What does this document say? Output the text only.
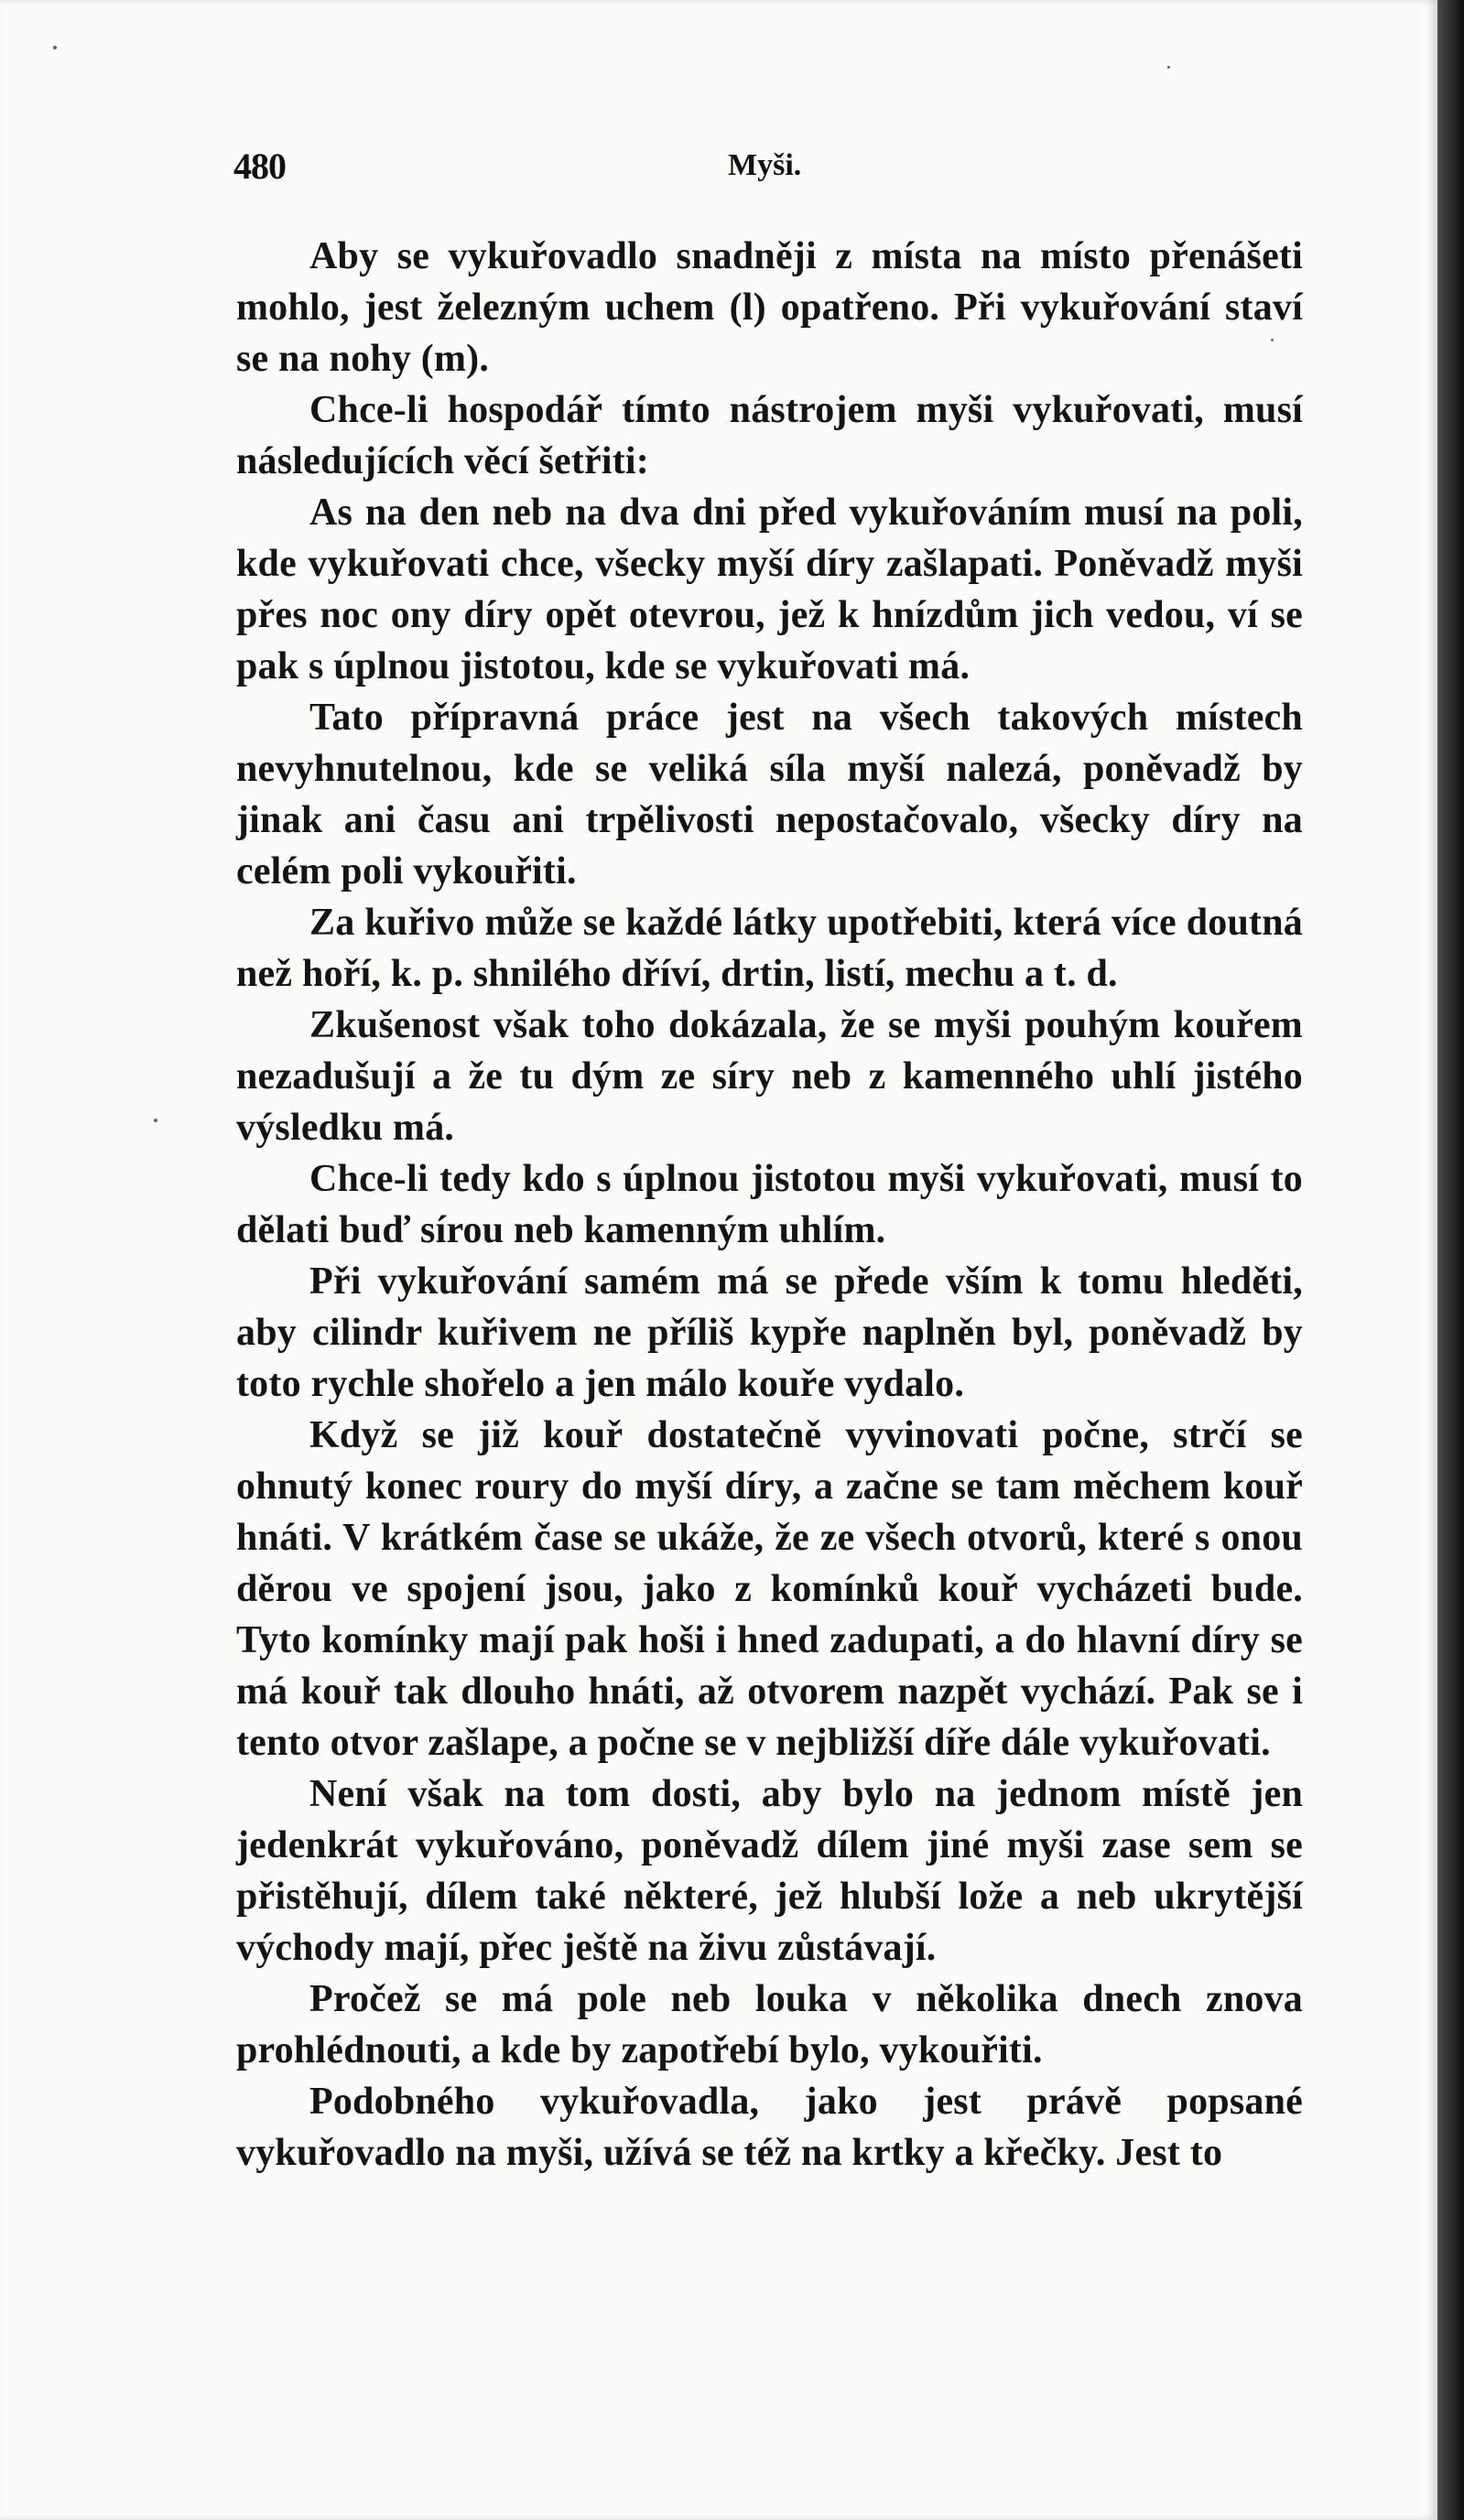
480	Myši.

Aby se vykuřovadlo snadněji z místa na místo přenášeti mohlo, jest železným uchem (l) opatřeno. Při vykuřování staví se na nohy (m).

Chce-li hospodář tímto nástrojem myši vykuřovati, musí následujících věcí šetřiti:

As na den neb na dva dni před vykuřováním musí na poli, kde vykuřovati chce, všecky myší díry zašlapati. Poněvadž myši přes noc ony díry opět otevrou, jež k hnízdům jich vedou, ví se pak s úplnou jistotou, kde se vykuřovati má.

Tato přípravná práce jest na všech takových místech nevyhnutelnou, kde se veliká síla myší nalezá, poněvadž by jinak ani času ani trpělivosti nepostačovalo, všecky díry na celém poli vykouřiti.

Za kuřivo může se každé látky upotřebiti, která více doutná než hoří, k. p. shnilého dříví, drtin, listí, mechu a t. d.

Zkušenost však toho dokázala, že se myši pouhým kouřem nezadušují a že tu dým ze síry neb z kamenného uhlí jistého výsledku má.

Chce-li tedy kdo s úplnou jistotou myši vykuřovati, musí to dělati buď sírou neb kamenným uhlím.

Při vykuřování samém má se přede vším k tomu hleděti, aby cilindr kuřivem ne příliš kypře naplněn byl, poněvadž by toto rychle shořelo a jen málo kouře vydalo.

Když se již kouř dostatečně vyvinovati počne, strčí se ohnutý konec roury do myší díry, a začne se tam měchem kouř hnáti. V krátkém čase se ukáže, že ze všech otvorů, které s onou děrou ve spojení jsou, jako z komínků kouř vycházeti bude. Tyto komínky mají pak hoši i hned zadupati, a do hlavní díry se má kouř tak dlouho hnáti, až otvorem nazpět vychází. Pak se i tento otvor zašlape, a počne se v nejbližší díře dále vykuřovati.

Není však na tom dosti, aby bylo na jednom místě jen jedenkrát vykuřováno, poněvadž dílem jiné myši zase sem se přistěhují, dílem také některé, jež hlubší lože a neb ukrytější východy mají, přec ještě na živu zůstávají.

Pročež se má pole neb louka v několika dnech znova prohlédnouti, a kde by zapotřebí bylo, vykouřiti.

Podobného vykuřovadla, jako jest právě popsané vykuřovadlo na myši, užívá se též na krtky a křečky. Jest to
